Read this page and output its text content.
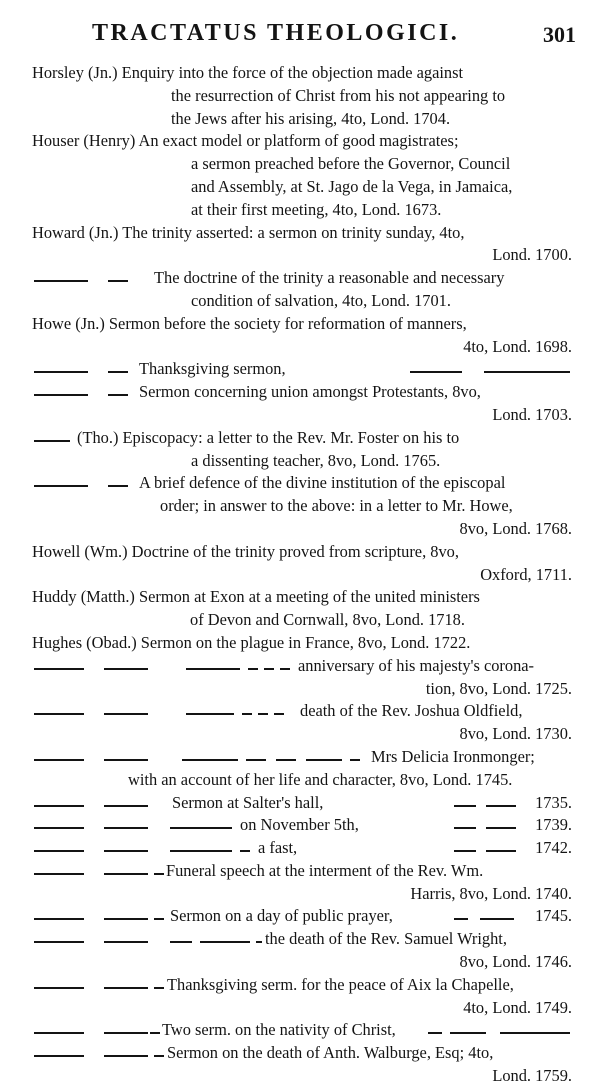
TRACTATUS THEOLOGICI.	301
Horsley (Jn.) Enquiry into the force of the objection made against
the resurrection of Christ from his not appearing to
the Jews after his arising, 4to, Lond. 1704.
Houser (Henry) An exact model or platform of good magistrates;
a sermon preached before the Governor, Council
and Assembly, at St. Jago de la Vega, in Jamaica,
at their first meeting, 4to, Lond. 1673.
Howard (Jn.) The trinity asserted: a sermon on trinity sunday, 4to,
Lond. 1700.
The doctrine of the trinity a reasonable and necessary
condition of salvation, 4to, Lond. 1701.
Howe (Jn.) Sermon before the society for reformation of manners,
4to, Lond. 1698.
Thanksgiving sermon,
Sermon concerning union amongst Protestants, 8vo,
Lond. 1703.
(Tho.) Episcopacy: a letter to the Rev. Mr. Foster on his to
a dissenting teacher, 8vo, Lond. 1765.
A brief defence of the divine institution of the episcopal
order; in answer to the above: in a letter to Mr. Howe,
8vo, Lond. 1768.
Howell (Wm.) Doctrine of the trinity proved from scripture, 8vo,
Oxford, 1711.
Huddy (Matth.) Sermon at Exon at a meeting of the united ministers
of Devon and Cornwall, 8vo, Lond. 1718.
Hughes (Obad.) Sermon on the plague in France, 8vo, Lond. 1722.
anniversary of his majesty's corona-
tion, 8vo, Lond. 1725.
death of the Rev. Joshua Oldfield,
8vo, Lond. 1730.
Mrs Delicia Ironmonger;
with an account of her life and character, 8vo, Lond. 1745.
Sermon at Salter's hall,	1735.
on November 5th,	1739.
a fast,	1742.
Funeral speech at the interment of the Rev. Wm.
Harris, 8vo, Lond. 1740.
Sermon on a day of public prayer,	1745.
the death of the Rev. Samuel Wright,
8vo, Lond. 1746.
Thanksgiving serm. for the peace of Aix la Chapelle,
4to, Lond. 1749.
Two serm. on the nativity of Christ,
Sermon on the death of Anth. Walburge, Esq; 4to,
Lond. 1759.
